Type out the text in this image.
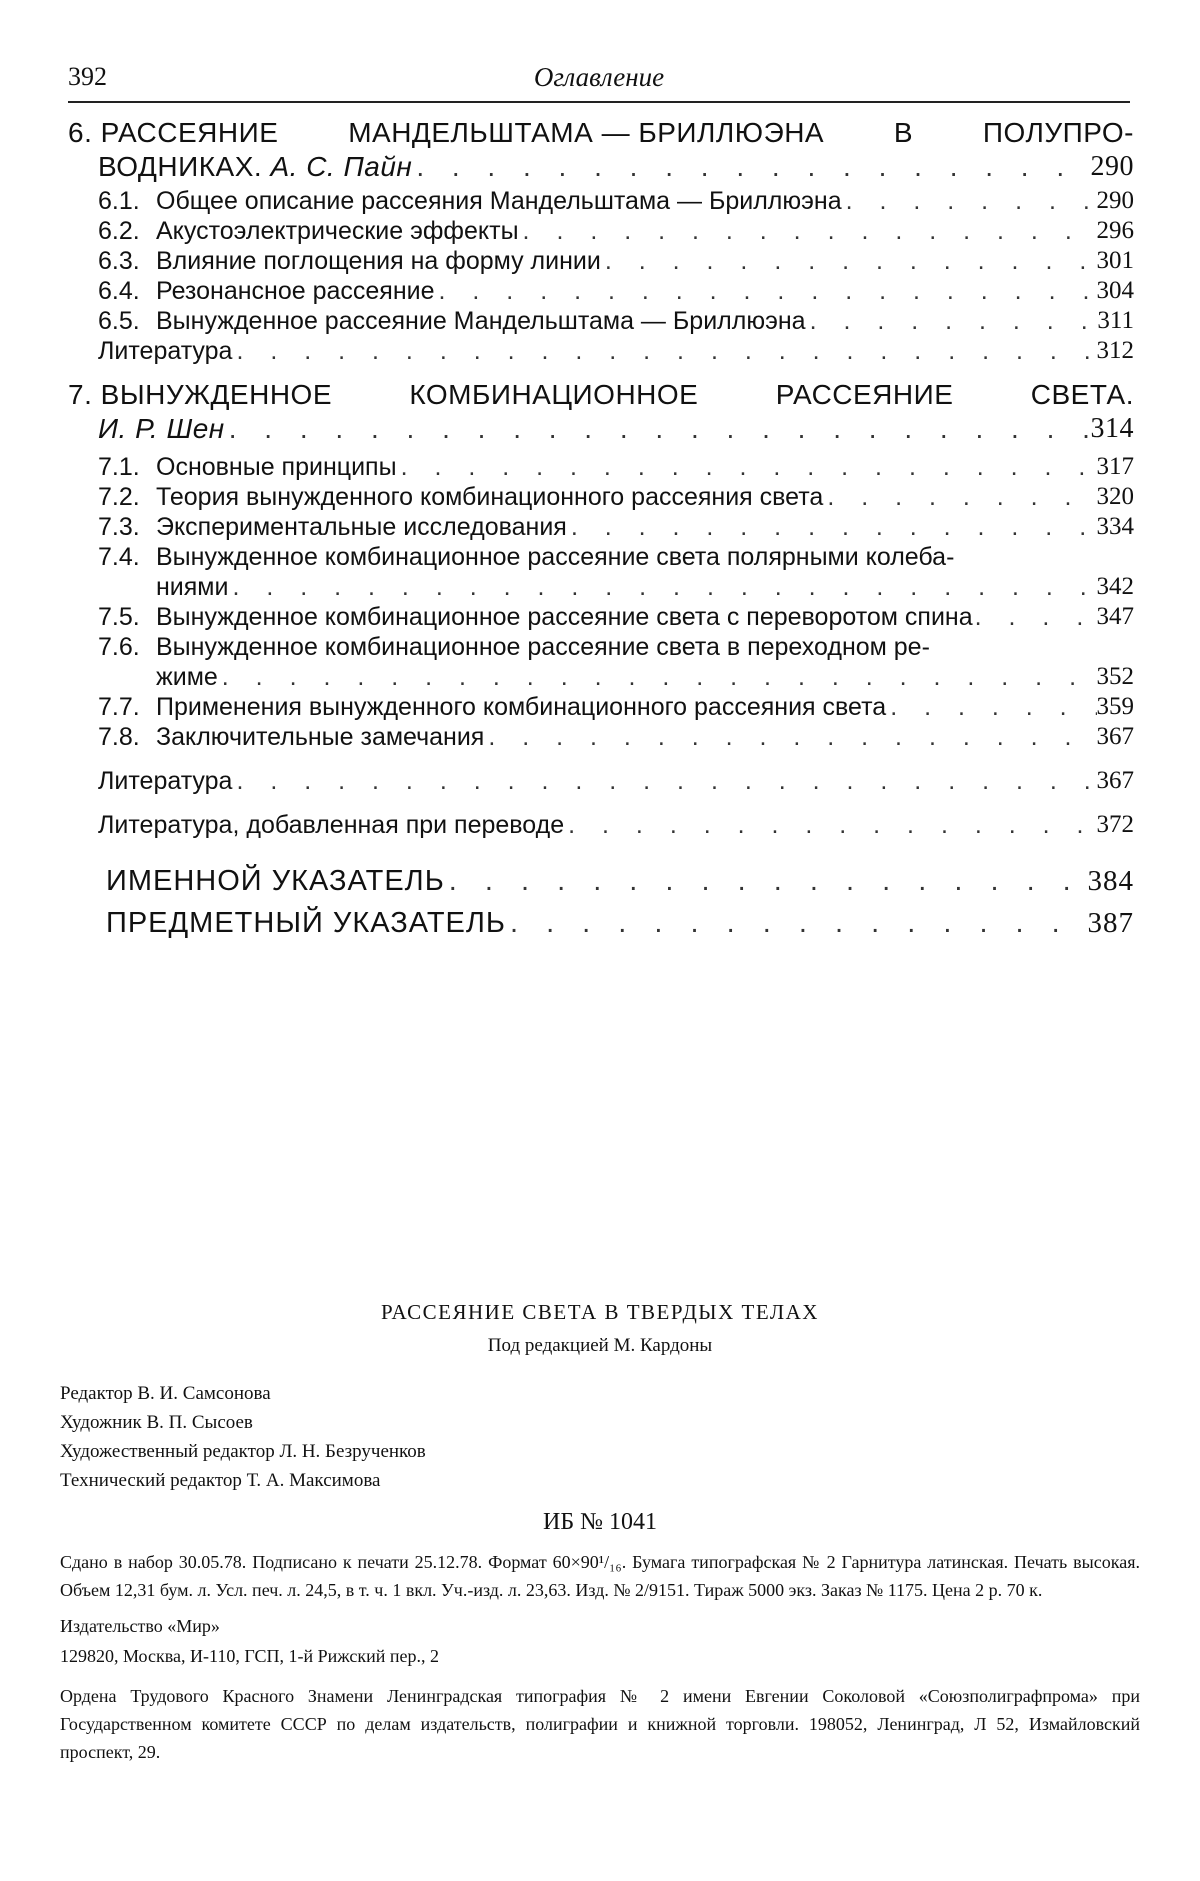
392	Оглавление
6. РАССЕЯНИЕ МАНДЕЛЬШТАМА — БРИЛЛЮЭНА В ПОЛУПРО-
ВОДНИКАХ. А. С. Пайн . . .	290
6.1. Общее описание рассеяния Мандельштама — Бриллюэна . . .	290
6.2. Акустоэлектрические эффекты . . .	296
6.3. Влияние поглощения на форму линии . . .	301
6.4. Резонансное рассеяние . . .	304
6.5. Вынужденное рассеяние Мандельштама — Бриллюэна . . .	311
Литература . . .	312
7. ВЫНУЖДЕННОЕ	КОМБИНАЦИОННОЕ	РАССЕЯНИЕ	СВЕТА.
И. Р. Шен . . .	314
7.1. Основные принципы . . .	317
7.2. Теория вынужденного комбинационного рассеяния света . . .	320
7.3. Экспериментальные исследования . . .	334
7.4. Вынужденное комбинационное рассеяние света полярными колеба-
ниями . . .	342
7.5. Вынужденное комбинационное рассеяние света с переворотом спина . . .	347
7.6. Вынужденное комбинационное рассеяние света в переходном ре-
жиме . . .	352
7.7. Применения вынужденного комбинационного рассеяния света . . .	359
7.8. Заключительные замечания . . .	367
Литература . . .	367
Литература, добавленная при переводе . . .	372
ИМЕННОЙ УКАЗАТЕЛЬ . . .	384
ПРЕДМЕТНЫЙ УКАЗАТЕЛЬ . . .	387
РАССЕЯНИЕ СВЕТА В ТВЕРДЫХ ТЕЛАХ
Под редакцией М. Кардоны
Редактор В. И. Самсонова
Художник В. П. Сысоев
Художественный редактор Л. Н. Безрученков
Технический редактор Т. А. Максимова
ИБ № 1041
Сдано в набор 30.05.78. Подписано к печати 25.12.78. Формат 60×90¹/₁₆. Бумага типографская № 2 Гарнитура латинская. Печать высокая. Объем 12,31 бум. л. Усл. печ. л. 24,5, в т. ч. 1 вкл. Уч.-изд. л. 23,63. Изд. № 2/9151. Тираж 5000 экз. Заказ № 1175. Цена 2 р. 70 к.
Издательство «Мир»
129820, Москва, И-110, ГСП, 1-й Рижский пер., 2
Ордена Трудового Красного Знамени Ленинградская типография № 2 имени Евгении Соколовой «Союзполиграфпрома» при Государственном комитете СССР по делам издательств, полиграфии и книжной торговли. 198052, Ленинград, Л 52, Измайловский проспект, 29.
